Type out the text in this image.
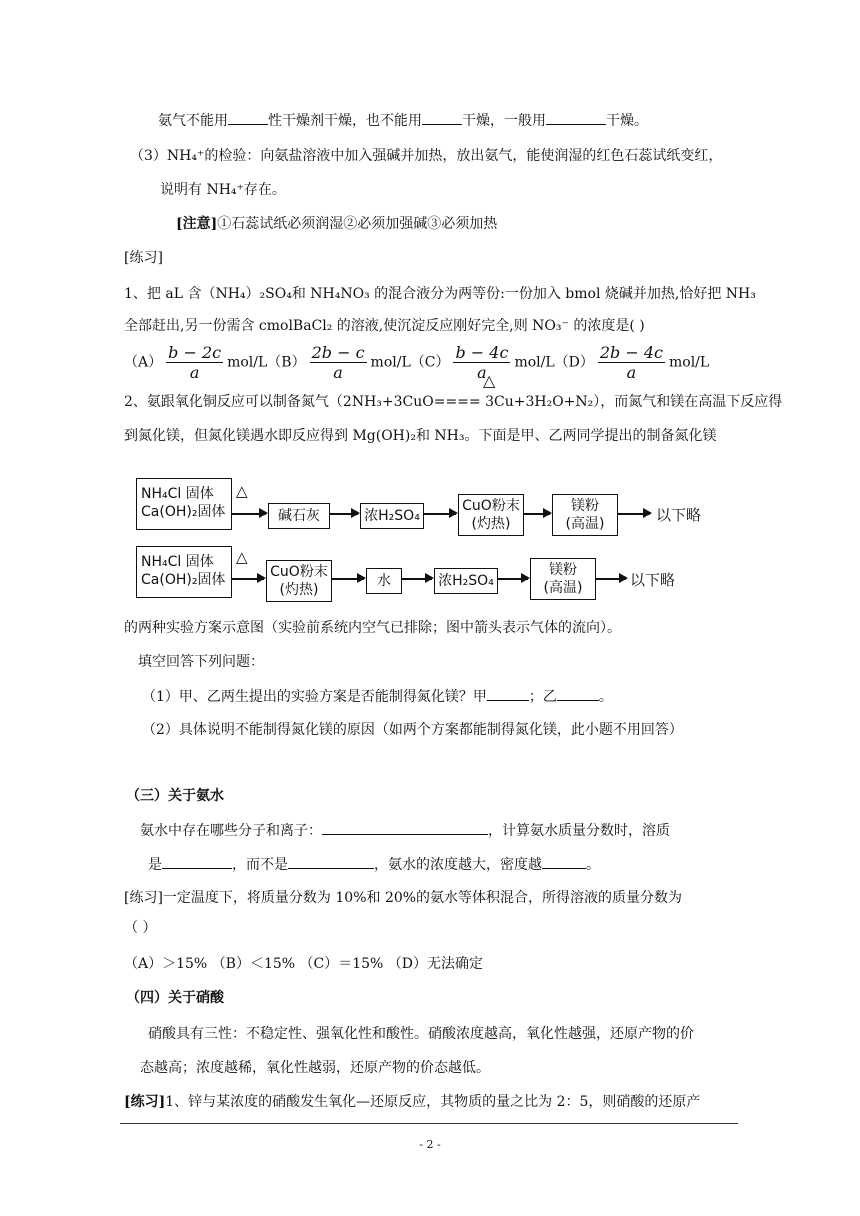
氨气不能用	性干燥剂干燥，也不能用	干燥，一般用	干燥。
（3）NH₄⁺的检验：向氨盐溶液中加入强碱并加热，放出氨气，能使润湿的红色石蕊试纸变红，
说明有 NH₄⁺存在。
[注意]①石蕊试纸必须润湿②必须加强碱③必须加热
[练习]
1、把 aL 含（NH₄）₂SO₄和 NH₄NO₃ 的混合液分为两等份:一份加入 bmol 烧碱并加热,恰好把 NH₃
全部赶出,另一份需含 cmolBaCl₂ 的溶液,使沉淀反应刚好完全,则 NO₃⁻ 的浓度是( )
$(A) \frac{b - 2c}{a} mol/L(B) \frac{2b - c}{a} mol/L(C) \frac{b - 4c}{a} mol/L(D) \frac{2b - 4c}{a} mol/L$
△
2、氨跟氧化铜反应可以制备氮气（2NH₃+3CuO==== 3Cu+3H₂O+N₂），而氮气和镁在高温下反应得
到氮化镁，但氮化镁遇水即反应得到 Mg(OH)₂和 NH₃。下面是甲、乙两同学提出的制备氮化镁
NH₄Cl 固体
Ca(OH)₂固体
△
碱石灰	浓H₂SO₄
CuO粉末
(灼热)
镁粉
(高温)	以下略
NH₄Cl 固体
Ca(OH)₂固体
△
CuO粉末
(灼热)
水	浓H₂SO₄
镁粉
(高温)	以下略
的两种实验方案示意图（实验前系统内空气已排除；图中箭头表示气体的流向）。
填空回答下列问题：
（1）甲、乙两生提出的实验方案是否能制得氮化镁？甲	；乙	。
（2）具体说明不能制得氮化镁的原因（如两个方案都能制得氮化镁，此小题不用回答）
（三）关于氨水
氨水中存在哪些分子和离子：	，计算氨水质量分数时，溶质
是	，而不是	，氨水的浓度越大，密度越	。
[练习]一定温度下，将质量分数为 10%和 20%的氨水等体积混合，所得溶液的质量分数为
（ ）
（A）＞15% （B）＜15% （C）＝15% （D）无法确定
（四）关于硝酸
硝酸具有三性：不稳定性、强氧化性和酸性。硝酸浓度越高，氧化性越强，还原产物的价
态越高；浓度越稀，氧化性越弱，还原产物的价态越低。
[练习]1、锌与某浓度的硝酸发生氧化—还原反应，其物质的量之比为 2：5，则硝酸的还原产
- 2 -
